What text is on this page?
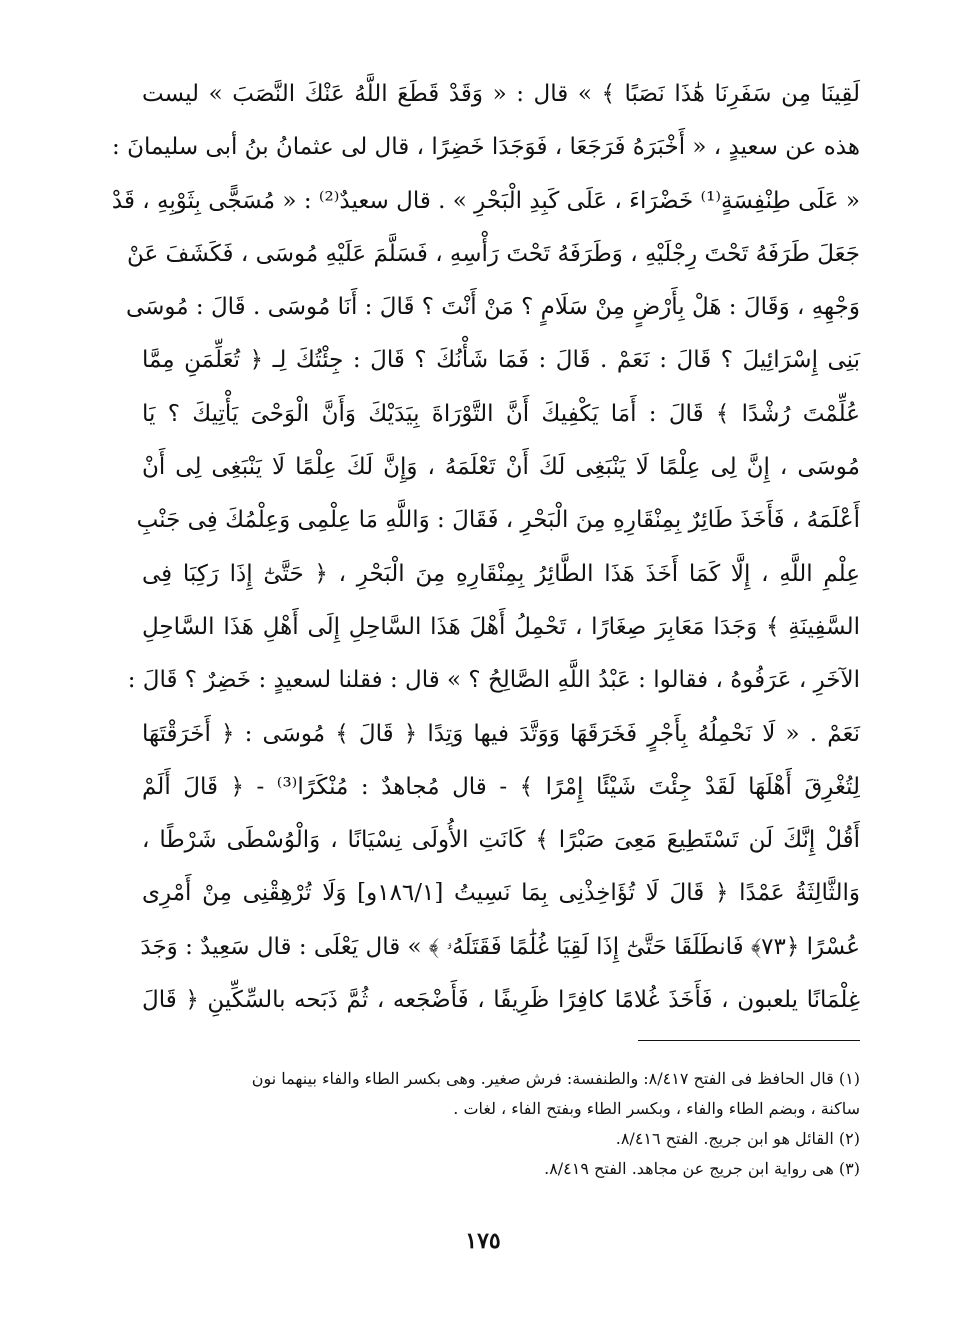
لَقِينَا مِن سَفَرِنَا هَٰذَا نَصَبًا ﴾ » قال : « وَقَدْ قَطَعَ اللَّهُ عَنْكَ النَّصَبَ » ليست
هذه عن سعيدٍ ، « أَخْبَرَهُ فَرَجَعَا ، فَوَجَدَا خَضِرًا ، قال لى عثمانُ بنُ أبى سليمانَ :
« عَلَى طِنْفِسَةٍ⁽¹⁾ خَضْرَاءَ ، عَلَى كَبِدِ الْبَحْرِ » . قال سعيدٌ⁽²⁾ : « مُسَجًّى بِثَوْبِهِ ، قَدْ
جَعَلَ طَرَفَهُ تَحْتَ رِجْلَيْهِ ، وَطَرَفَهُ تَحْتَ رَأْسِهِ ، فَسَلَّمَ عَلَيْهِ مُوسَى ، فَكَشَفَ عَنْ
وَجْهِهِ ، وَقَالَ : هَلْ بِأَرْضٍ مِنْ سَلَامٍ ؟ مَنْ أَنْتَ ؟ قَالَ : أَنَا مُوسَى . قَالَ : مُوسَى
بَنِى إِسْرَائِيلَ ؟ قَالَ : نَعَمْ . قَالَ : فَمَا شَأْنُكَ ؟ قَالَ : جِئْتُكَ لِـ ﴿ تُعَلِّمَنِ مِمَّا
عُلِّمْتَ رُشْدًا ﴾ قَالَ : أَمَا يَكْفِيكَ أَنَّ التَّوْرَاةَ بِيَدَيْكَ وَأَنَّ الْوَحْىَ يَأْتِيكَ ؟ يَا
مُوسَى ، إِنَّ لِى عِلْمًا لَا يَنْبَغِى لَكَ أَنْ تَعْلَمَهُ ، وَإِنَّ لَكَ عِلْمًا لَا يَنْبَغِى لِى أَنْ
أَعْلَمَهُ ، فَأَخَذَ طَائِرٌ بِمِنْقَارِهِ مِنَ الْبَحْرِ ، فَقَالَ : وَاللَّهِ مَا عِلْمِى وَعِلْمُكَ فِى جَنْبِ
عِلْمِ اللَّهِ ، إِلَّا كَمَا أَخَذَ هَذَا الطَّائِرُ بِمِنْقَارِهِ مِنَ الْبَحْرِ ، ﴿ حَتَّىٰٓ إِذَا رَكِبَا فِى
السَّفِينَةِ ﴾ وَجَدَا مَعَابِرَ صِغَارًا ، تَحْمِلُ أَهْلَ هَذَا السَّاحِلِ إِلَى أَهْلِ هَذَا السَّاحِلِ
الآخَرِ ، عَرَفُوهُ ، فقالوا : عَبْدُ اللَّهِ الصَّالِحُ ؟ » قال : فقلنا لسعيدٍ : خَضِرٌ ؟ قَالَ :
نَعَمْ . « لَا نَحْمِلُهُ بِأَجْرٍ فَخَرَقَهَا وَوَتَّدَ فيها وَتِدًا ﴿ قَالَ ﴾ مُوسَى : ﴿ أَخَرَقْتَهَا
لِتُغْرِقَ أَهْلَهَا لَقَدْ جِئْتَ شَيْئًا إِمْرًا ﴾ - قال مُجاهدٌ : مُنْكَرًا⁽³⁾ - ﴿ قَالَ أَلَمْ
أَقُلْ إِنَّكَ لَن تَسْتَطِيعَ مَعِىَ صَبْرًا ﴾ كَانَتِ الأُولَى نِسْيَانًا ، وَالْوُسْطَى شَرْطًا ،
وَالثَّالِثَةُ عَمْدًا ﴿ قَالَ لَا تُؤَاخِذْنِى بِمَا نَسِيتُ [١٨٦/١و] وَلَا تُرْهِقْنِى مِنْ أَمْرِى
عُسْرًا ﴿٧٣﴾ فَانطَلَقَا حَتَّىٰٓ إِذَا لَقِيَا غُلَٰمًا فَقَتَلَهُۥ ﴾ » قال يَعْلَى : قال سَعِيدٌ : وَجَدَ
غِلْمَانًا يلعبون ، فَأَخَذَ غُلامًا كافِرًا ظَرِيفًا ، فَأَضْجَعه ، ثُمَّ ذَبَحه بالسِّكِّينِ ﴿ قَالَ
(١) قال الحافظ فى الفتح ٨/٤١٧: والطنفسة: فرش صغير. وهى بكسر الطاء والفاء بينهما نون
ساكنة ، وبضم الطاء والفاء ، وبكسر الطاء وبفتح الفاء ، لغات .
(٢) القائل هو ابن جريج. الفتح ٨/٤١٦.
(٣) هى رواية ابن جريج عن مجاهد. الفتح ٨/٤١٩.
١٧٥
